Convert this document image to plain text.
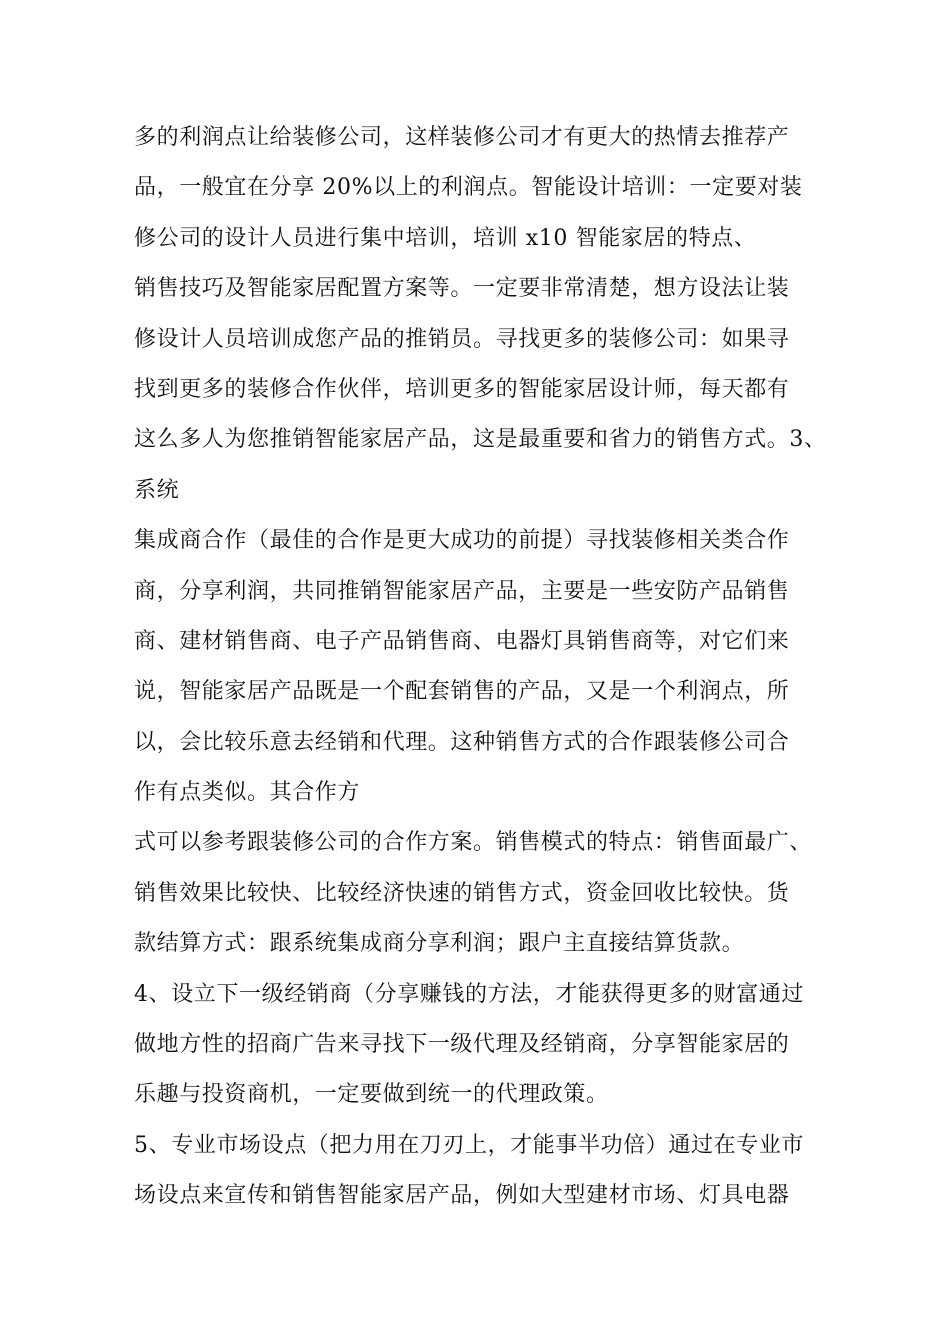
多的利润点让给装修公司，这样装修公司才有更大的热情去推荐产
品，一般宜在分享 20%以上的利润点。智能设计培训：一定要对装
修公司的设计人员进行集中培训，培训 x10 智能家居的特点、
销售技巧及智能家居配置方案等。一定要非常清楚，想方设法让装
修设计人员培训成您产品的推销员。寻找更多的装修公司：如果寻
找到更多的装修合作伙伴，培训更多的智能家居设计师，每天都有
这么多人为您推销智能家居产品，这是最重要和省力的销售方式。3、
系统
集成商合作（最佳的合作是更大成功的前提）寻找装修相关类合作
商，分享利润，共同推销智能家居产品，主要是一些安防产品销售
商、建材销售商、电子产品销售商、电器灯具销售商等，对它们来
说，智能家居产品既是一个配套销售的产品，又是一个利润点，所
以，会比较乐意去经销和代理。这种销售方式的合作跟装修公司合
作有点类似。其合作方
式可以参考跟装修公司的合作方案。销售模式的特点：销售面最广、
销售效果比较快、比较经济快速的销售方式，资金回收比较快。货
款结算方式：跟系统集成商分享利润；跟户主直接结算货款。
4、设立下一级经销商（分享赚钱的方法，才能获得更多的财富通过
做地方性的招商广告来寻找下一级代理及经销商，分享智能家居的
乐趣与投资商机，一定要做到统一的代理政策。
5、专业市场设点（把力用在刀刃上，才能事半功倍）通过在专业市
场设点来宣传和销售智能家居产品，例如大型建材市场、灯具电器
